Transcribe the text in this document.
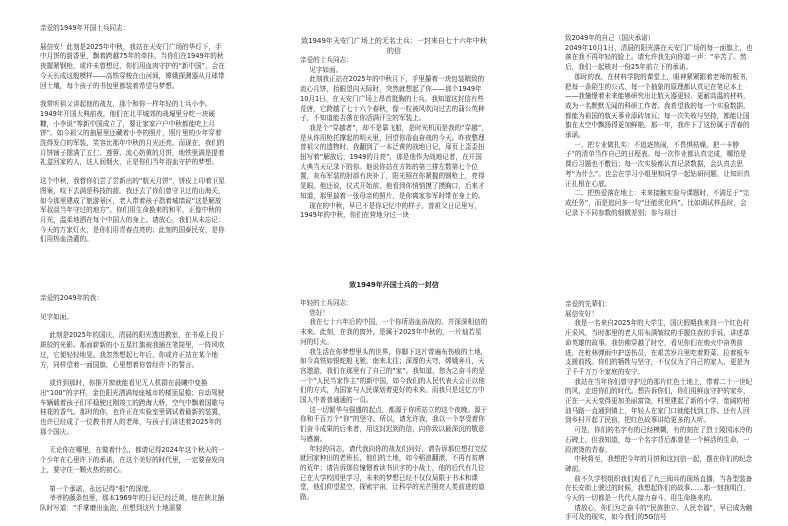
亲爱的1949年开国士兵同志：

展信安！此刻是2025年中秋，我站在天安门广场的华灯下，手中月饼的甜香里，飘着跨越75年的牵挂。当你们在1949年的秋夜握紧钢枪，或许未曾想过，你们用血肉守护的“新中国”，会在今天长成这般模样——高铁穿梭在山河间，嫦娥探测器从月球带回土壤，每个孩子的书包里都装着希望与梦想。

我常听祖父讲起他的战友，那个和你一样年轻的士兵小李。1949年开国大典前夜，他们在北平城郊的战壕里分吃一块硬糠，小李说“等新中国成立了，要让家家户户中秋都能吃上月饼”。如今祖父的抽屉里还藏着小李的照片，照片里的少年穿着洗得发白的军装，笑容比那年中秋的月光还亮。而现在，我们的月饼铺子摆满了五仁、莲蓉、流心奶黄的月饼，地铁里满是提着礼盒回家的人，这人间烟火，正是你们当年浴血守护的梦想。

这个中秋，我替你们尝了尝新出的“航天月饼”，饼皮上印着卫星图案，咬下去满是科技的甜。我还去了你们曾守卫过的山海关，如今那里建成了旅游景区，老人带着孩子指着城墙说“这是解放军叔叔当年守过的地方”。你们用生命换来的和平，正像中秋的月光，温柔地洒在每个中国人的身上。请放心，我们从未忘记：今天的万家灯火，是你们用青春点亮的；此刻的国泰民安，是你们用热血浇灌的。

致1949年天安门广场上的无名士兵：一封来自七十六年中秋的信

亲爱的士兵同志：

见字如面。

此刻我正站在2025年的中秋月下，手里攥着一块包装精致的流心月饼，抬眼望向天际时，突然就想起了你——那个1949年10月1日，在天安门广场上昂首挺胸的士兵。我知道这封信有些荒唐，它跨越了七十六个春秋，像一粒被风吹向过去的蒲公英种子，不知道能否落在你活满汗尘的军装上。

我是个“穿越者”，却不是靠飞船，是时光机而是我的“穿越”，是从你用枪托撑起的明天里，回望你浴血奋战的今天。昨夜整理曾祖父的遗物时，我翻到了一本泛黄的战地日记，扉页上歪歪扭扭写着“解放后，1949的月亮”，那是他作为战地记者，在开国大典当天记录下的你。他说你站在方阵的第三排左数第七个位置，灰布军装的肘部有块补丁，阳光照在你紧握的钢枪上，亮得晃眼。他还说，仪式开始前，他看到你悄悄摸了摸胸口，后来才知道，那里揣着一张母亲的照片，是你离家参军时带在身上的。

现在的中秋，早已不是你记忆中的样子。曾祖父日记里写，1949年的中秋，你们在营地分过一块

致2049年的自己（国庆承诺）

2049年10月1日，清晨的阳光落在天安门广场的每一面旗上，也落在我不再年轻的脸上。请允许我先向你道一声：“辛苦了。然后，我们一起核对一份25年前立下的承诺。

那时的我，在材料学院的课堂上，眼神紧紧跟着老师的板书，把每一条陌生的公式、每一个抽象的原理都认真记在笔记本上——我憧憬着未来能够研究出让航天器更轻、更耐高温的材料，成为一名默默无闻的科研工作者。我希望我的每一个实验数据，都能为祖国的航天事业添砖加瓦；每一次失败与坚持，都能让国旗在太空中飘扬得更加鲜艳。那一年，我许下了这份属于青春的承诺。

一、把专业做扎实：不追逐热闹，不畏惧枯燥。把一卡脖子”的清单当作自己的日程表。每一次作业都认真完成，哪怕是课后习题也不敷衍；每一次实验都认真记录数据，会认真去思考“为什么”。也会在学习小组里和同学一起钻研问题，让知识真正扎根在心底。

二、把热爱落在地上：未来接触实验与课题时，不满足于“完成任务”，而是追问多一句“还能优化吗”。比如调试样品时，会记录下不同参数的细微差别；参与项目

亲爱的2049年的我：

见字如面。

此刻是2025年的国庆，清晨的阳光透进教室，在书桌上投下斑驳的光影。那面崭新的小五星红旗被我插在笔筒里，一阵风吹过，它便轻轻地晃。我忽然想起七年后，你或许正站在某个地方，同样望着一面国旗，心里想着你曾经许下的誓言。

或许到那时，你推开窗就能看见无人机群在晨曦中变换出“100”的字样，金色阳光洒满每座城市的楼顶屋檐；自动驾驶车辆载着孩子们平稳驶过刚竣工的跨海大桥，空气中飘着国歌与桂花的香气。那时的你，也许正在实验室里调试着最新的装置，也许已经成了一位教书育人的老师，与孩子们讲述着2025年的那个国庆。

无论你在哪里，在做着什么，都请记得2024年这个秋天的一个少年在心里许下的承诺，在这个美好的时代里，一定要奋发向上，要守住一颗火热的初心。

第一个承诺，永远记得“根”的深度。

爷爷的藤条包里，那本1969年的日记已经泛黄，他在陕北插队时写道：“手掌磨出血泡，但想到这片土地需要

致1949年开国士兵的一封信

年轻的士兵同志：

您好！

我在七十六年后的中国，一个你所浴血奋战的、并深深相信的未来。此刻，在我的窗外，是属于2025年中秋的，一片灿若星河的灯火。

我生活在你梦想里头的世界，你脚下这片曾遍布伤痕的土地，如今高铁如银蛇般飞驰，南来北往；深邃的天穹，嫦娥奔月，天宫遨游，我们在那里有了自己的“家”。我知道，您为之奋斗的是一个“人民当家作主”的新中国，如今我们的人民代表大会正以他们的方式，为国家与人民谋划着更好的未来。而我只是这亿万中国人中普普通通的一员。

这一切繁华与强盛的起点，都源于你所站立的这个夜晚。源于你和千百万个“你”的坚守。所以，请允许我，我以一个享受着你们奋斗成果的后来者，用这封迟到的信，向你致以最深沉的敬意与感谢。

年轻的同志，请代我向你的战友们问好，请告诉那位想打完仗就回家种田的老班长，他们的土地，如今稻浪翻滚，不再有贫瘠的荒年；请告诉那位憧憬着读书识字的小战士，他的后代有几位已在大学校园里学习，未来的梦想已经不仅仅局限于书本和课堂，他们仰望星空，探索宇宙，让科学的光芒照亮人类前进的道路。

亲爱的先辈们：

展信安好！

我是一名来自2025年的大学生，国庆假期我来到一个红色村庄采风，当时那里的老人用布满皱纹的手握住我的手说，讲述革命英雄的故事。我仿佛穿越了时空，看见你们在炮火中奋勇前进，在枪林弹雨中护送伤员，在艰苦岁月里吃着野菜、拉着板车支援前线。你们的牺牲与坚守，不仅仅为了自己的家人，更是为了千千万万个家庭的安宁。

我站在当年你们曾守护过的那片红色土地上，带着二十一世纪的风，走进你们的时代。想告诉你们，你们用鲜血守护的家乡，正在一天天变得更加美丽富饶，村里建起了新的小学，宽阔的柏油马路一直通到镇上，年轻人在家门口就能找到工作。还有人回到乡村开起了民宿，把红色故事讲给更多的人听。

可是，你们的名字有的已经模糊，有的刻在了烈士陵园冰冷的石碑上，但我知道，每一个名字背后都曾是一个鲜活的生命，一段滚烫的青春。

中秋将至，我想把今年的月饼和这封信一起，摆在你们的纪念碑前。

前不久学校组织我们观看了九三阅兵的现场直播，当各型装备在长安街上驶过的时候，我想起你们的故事……那一刻我明白，今天的一切都是一代代人接力奋斗、用生命换来的。

请放心，你们为之奋斗的“民族独立、人民幸福”，早已成为触手可及的现实，如今我们的5G信号
